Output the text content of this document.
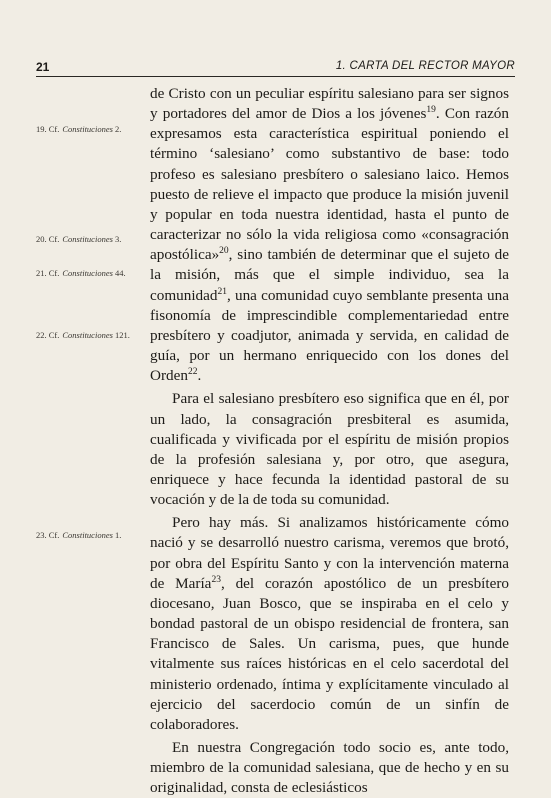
21	1. CARTA DEL RECTOR MAYOR
19. Cf. Constituciones 2.
20. Cf. Constituciones 3.
21. Cf. Constituciones 44.
22. Cf. Constituciones 121.
23. Cf. Constituciones 1.

de Cristo con un peculiar espíritu salesiano para ser signos y portadores del amor de Dios a los jóvenes$^{19}$. Con razón expresamos esta característica espiritual poniendo el término ‘salesiano’ como substantivo de base: todo profeso es salesiano presbítero o salesiano laico. Hemos puesto de relieve el impacto que produce la misión juvenil y popular en toda nuestra identidad, hasta el punto de caracterizar no sólo la vida religiosa como «consagración apostólica»$^{20}$, sino también de determinar que el sujeto de la misión, más que el simple individuo, sea la comunidad$^{21}$, una comunidad cuyo semblante presenta una fisonomía de imprescindible complementariedad entre presbítero y coadjutor, animada y servida, en calidad de guía, por un hermano enriquecido con los dones del Orden$^{22}$.

Para el salesiano presbítero eso significa que en él, por un lado, la consagración presbiteral es asumida, cualificada y vivificada por el espíritu de misión propios de la profesión salesiana y, por otro, que asegura, enriquece y hace fecunda la identidad pastoral de su vocación y de la de toda su comunidad.

Pero hay más. Si analizamos históricamente cómo nació y se desarrolló nuestro carisma, veremos que brotó, por obra del Espíritu Santo y con la intervención materna de María$^{23}$, del corazón apostólico de un presbítero diocesano, Juan Bosco, que se inspiraba en el celo y bondad pastoral de un obispo residencial de frontera, san Francisco de Sales. Un carisma, pues, que hunde vitalmente sus raíces históricas en el celo sacerdotal del ministerio ordenado, íntima y explícitamente vinculado al ejercicio del sacerdocio común de un sinfín de colaboradores.

En nuestra Congregación todo socio es, ante todo, miembro de la comunidad salesiana, que de hecho y en su originalidad, consta de eclesiásticos
